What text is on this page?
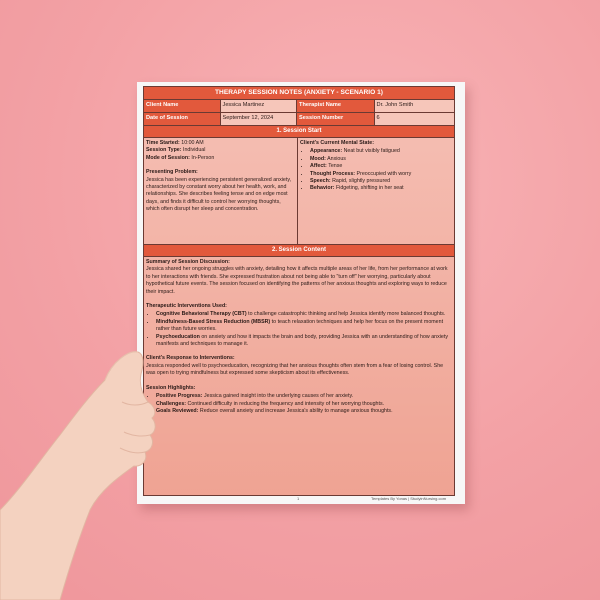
THERAPY SESSION NOTES (ANXIETY - SCENARIO 1)
Client Name	Jessica Martinez	Therapist Name	Dr. John Smith
Date of Session	September 12, 2024	Session Number	6
1. Session Start
Time Started: 10:00 AM
Session Type: Individual
Mode of Session: In-Person
Presenting Problem:
Jessica has been experiencing persistent generalized anxiety, characterized by constant worry about her health, work, and relationships. She describes feeling tense and on edge most days, and finds it difficult to control her worrying thoughts, which often disrupt her sleep and concentration.
Client's Current Mental State:
• Appearance: Neat but visibly fatigued
• Mood: Anxious
• Affect: Tense
• Thought Process: Preoccupied with worry
• Speech: Rapid, slightly pressured
• Behavior: Fidgeting, shifting in her seat
2. Session Content
Summary of Session Discussion:
Jessica shared her ongoing struggles with anxiety, detailing how it affects multiple areas of her life, from her performance at work to her interactions with friends. She expressed frustration about not being able to "turn off" her worrying, particularly about hypothetical future events. The session focused on identifying the patterns of her anxious thoughts and exploring ways to reduce their impact.
Therapeutic Interventions Used:
• Cognitive Behavioral Therapy (CBT) to challenge catastrophic thinking and help Jessica identify more balanced thoughts.
• Mindfulness-Based Stress Reduction (MBSR) to teach relaxation techniques and help her focus on the present moment rather than future worries.
• Psychoeducation on anxiety and how it impacts the brain and body, providing Jessica with an understanding of how anxiety manifests and techniques to manage it.
Client's Response to Interventions:
Jessica responded well to psychoeducation, recognizing that her anxious thoughts often stem from a fear of losing control. She was open to trying mindfulness but expressed some skepticism about its effectiveness.
Session Highlights:
• Positive Progress: Jessica gained insight into the underlying causes of her anxiety.
• Challenges: Continued difficulty in reducing the frequency and intensity of her worrying thoughts.
• Goals Reviewed: Reduce overall anxiety and increase Jessica's ability to manage anxious thoughts.
1	Templates By Yonas | StudyinNursing.com
